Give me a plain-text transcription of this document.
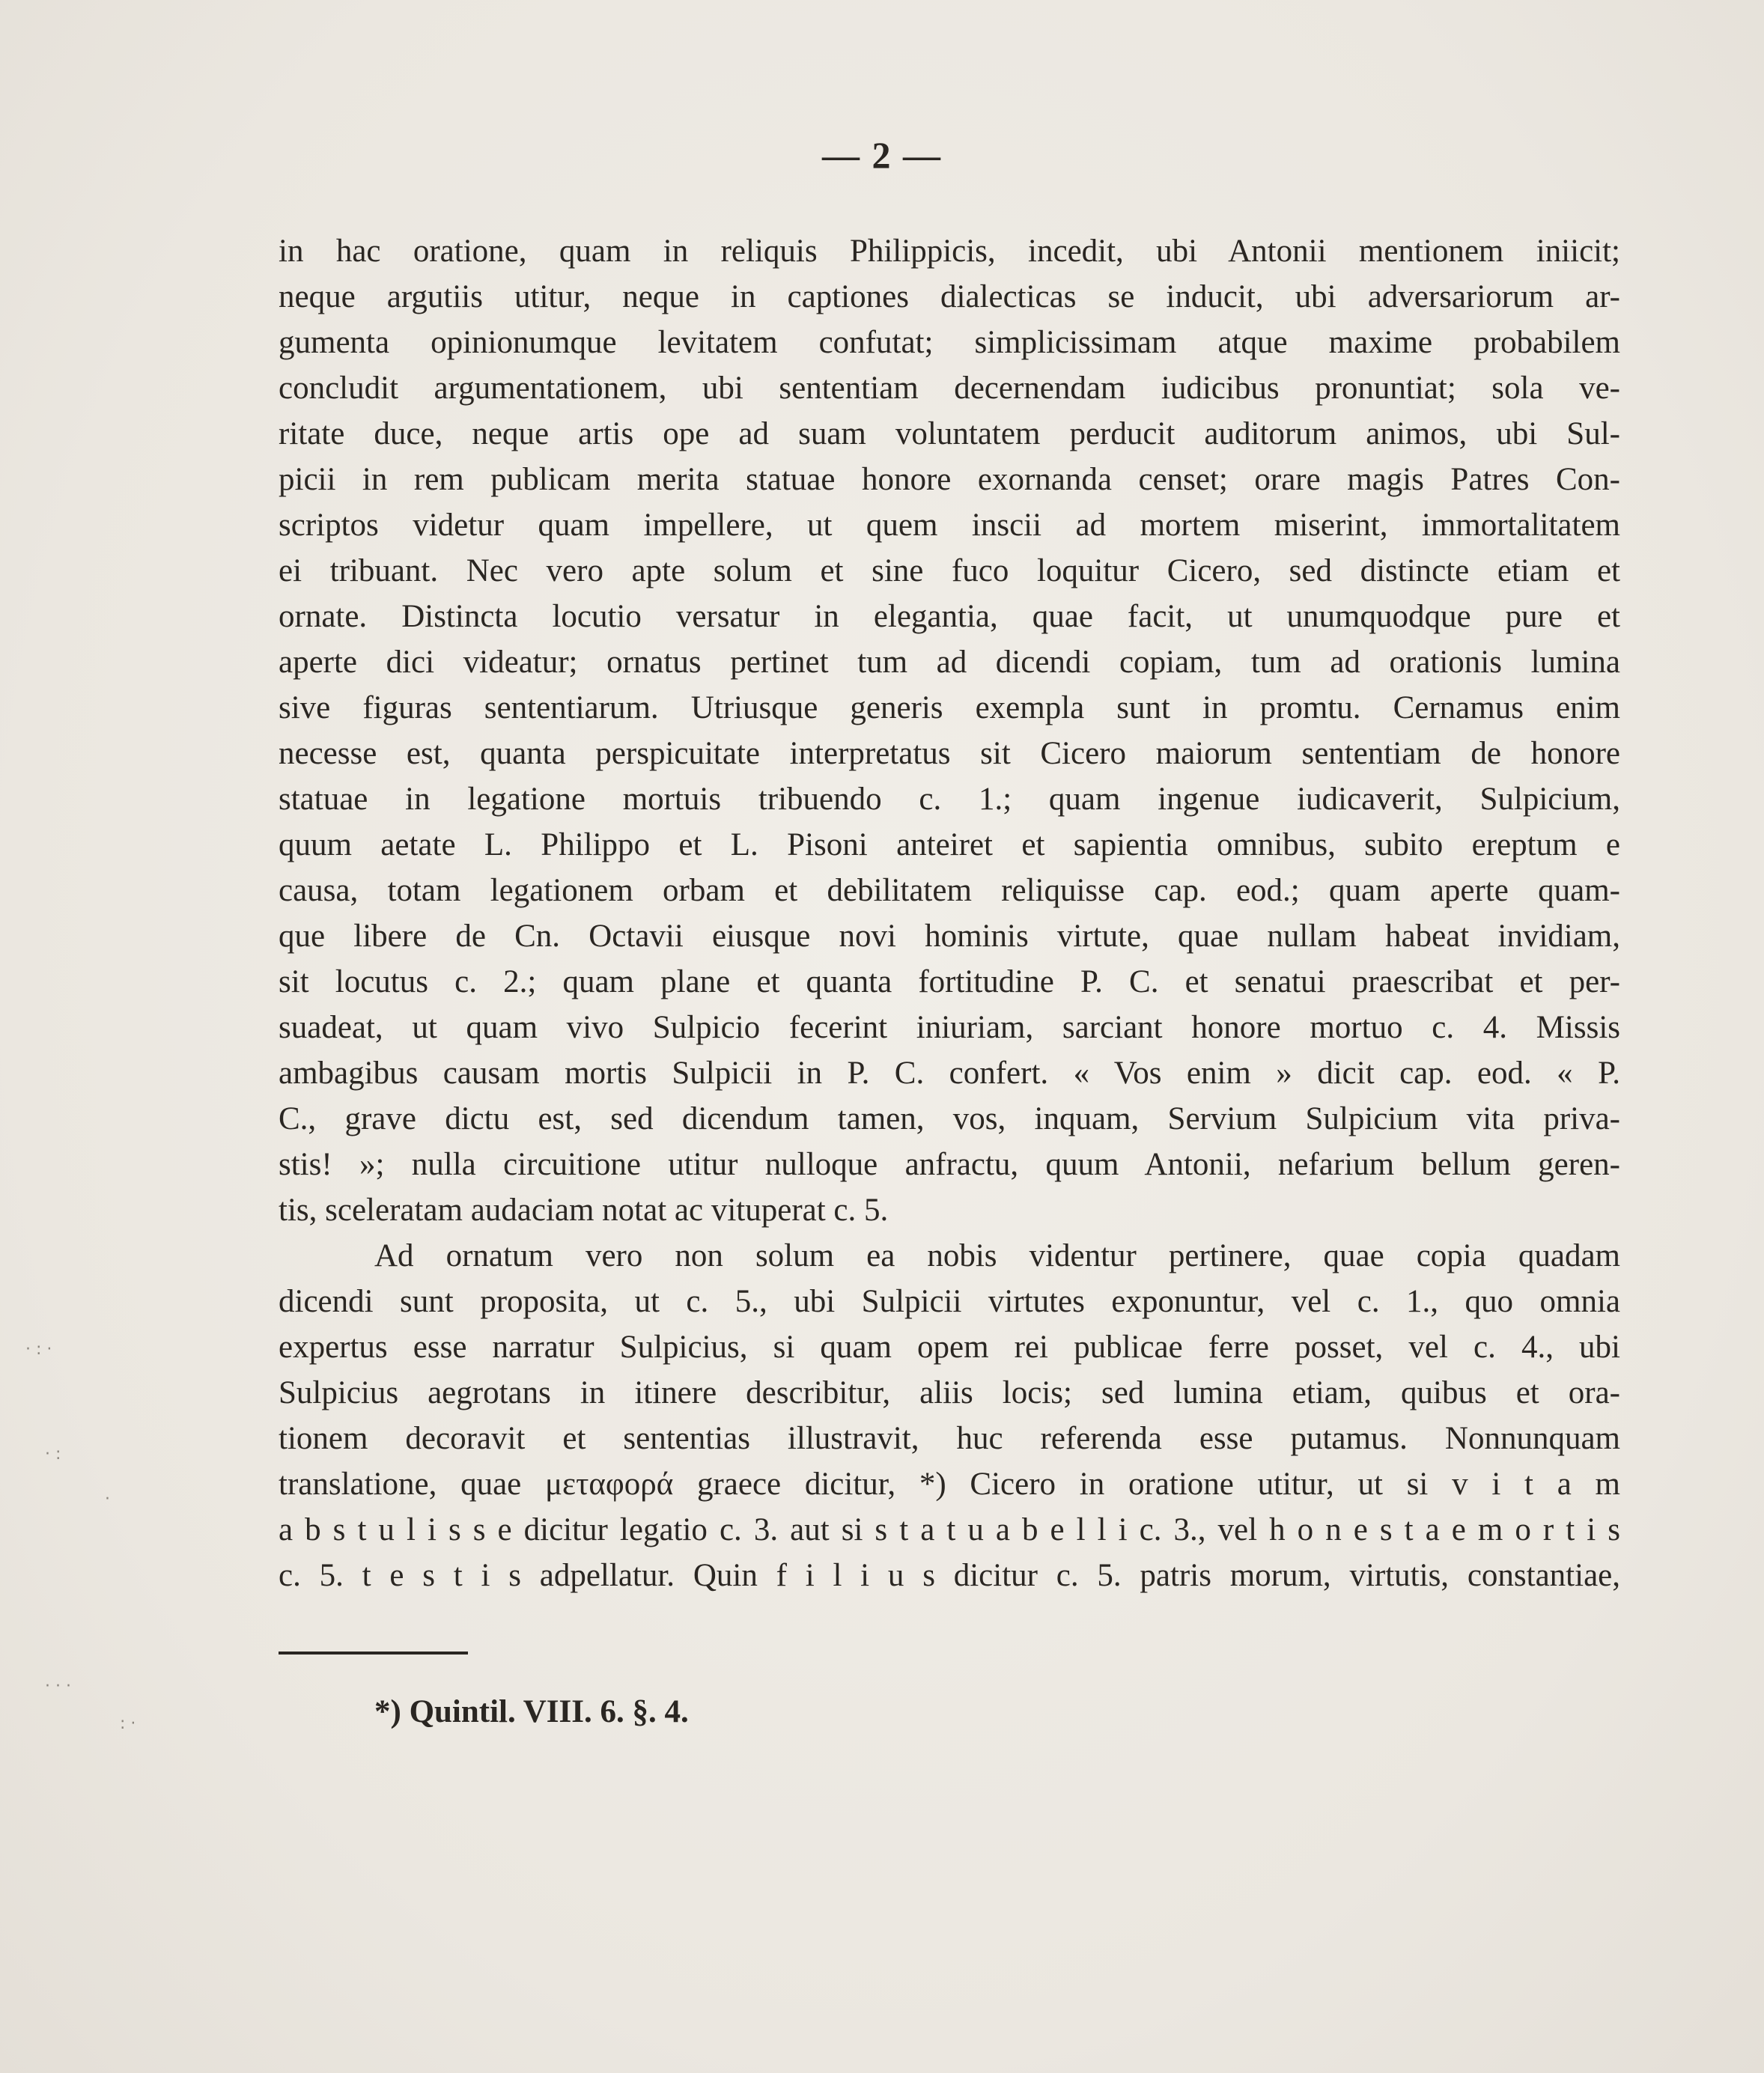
— 2 —
in hac oratione, quam in reliquis Philippicis, incedit, ubi Antonii mentionem iniicit;
neque argutiis utitur, neque in captiones dialecticas se inducit, ubi adversariorum ar-
gumenta opinionumque levitatem confutat; simplicissimam atque maxime probabilem
concludit argumentationem, ubi sententiam decernendam iudicibus pronuntiat; sola ve-
ritate duce, neque artis ope ad suam voluntatem perducit auditorum animos, ubi Sul-
picii in rem publicam merita statuae honore exornanda censet; orare magis Patres Con-
scriptos videtur quam impellere, ut quem inscii ad mortem miserint, immortalitatem
ei tribuant. Nec vero apte solum et sine fuco loquitur Cicero, sed distincte etiam et
ornate. Distincta locutio versatur in elegantia, quae facit, ut unumquodque pure et
aperte dici videatur; ornatus pertinet tum ad dicendi copiam, tum ad orationis lumina
sive figuras sententiarum. Utriusque generis exempla sunt in promtu. Cernamus enim
necesse est, quanta perspicuitate interpretatus sit Cicero maiorum sententiam de honore
statuae in legatione mortuis tribuendo c. 1.; quam ingenue iudicaverit, Sulpicium,
quum aetate L. Philippo et L. Pisoni anteiret et sapientia omnibus, subito ereptum e
causa, totam legationem orbam et debilitatem reliquisse cap. eod.; quam aperte quam-
que libere de Cn. Octavii eiusque novi hominis virtute, quae nullam habeat invidiam,
sit locutus c. 2.; quam plane et quanta fortitudine P. C. et senatui praescribat et per-
suadeat, ut quam vivo Sulpicio fecerint iniuriam, sarciant honore mortuo c. 4. Missis
ambagibus causam mortis Sulpicii in P. C. confert. « Vos enim » dicit cap. eod. « P.
C., grave dictu est, sed dicendum tamen, vos, inquam, Servium Sulpicium vita priva-
stis! »; nulla circuitione utitur nulloque anfractu, quum Antonii, nefarium bellum geren-
tis, sceleratam audaciam notat ac vituperat c. 5.
Ad ornatum vero non solum ea nobis videntur pertinere, quae copia quadam
dicendi sunt proposita, ut c. 5., ubi Sulpicii virtutes exponuntur, vel c. 1., quo omnia
expertus esse narratur Sulpicius, si quam opem rei publicae ferre posset, vel c. 4., ubi
Sulpicius aegrotans in itinere describitur, aliis locis; sed lumina etiam, quibus et ora-
tionem decoravit et sententias illustravit, huc referenda esse putamus. Nonnunquam
translatione, quae μεταφορά graece dicitur, *) Cicero in oratione utitur, ut si v i t a m
a b s t u l i s s e dicitur legatio c. 3. aut si s t a t u a b e l l i c. 3., vel h o n e s t a e m o r t i s
c. 5. t e s t i s adpellatur. Quin f i l i u s dicitur c. 5. patris morum, virtutis, constantiae,
*) Quintil. VIII. 6. §. 4.
· : ·
· :
·
· · ·
: ·
